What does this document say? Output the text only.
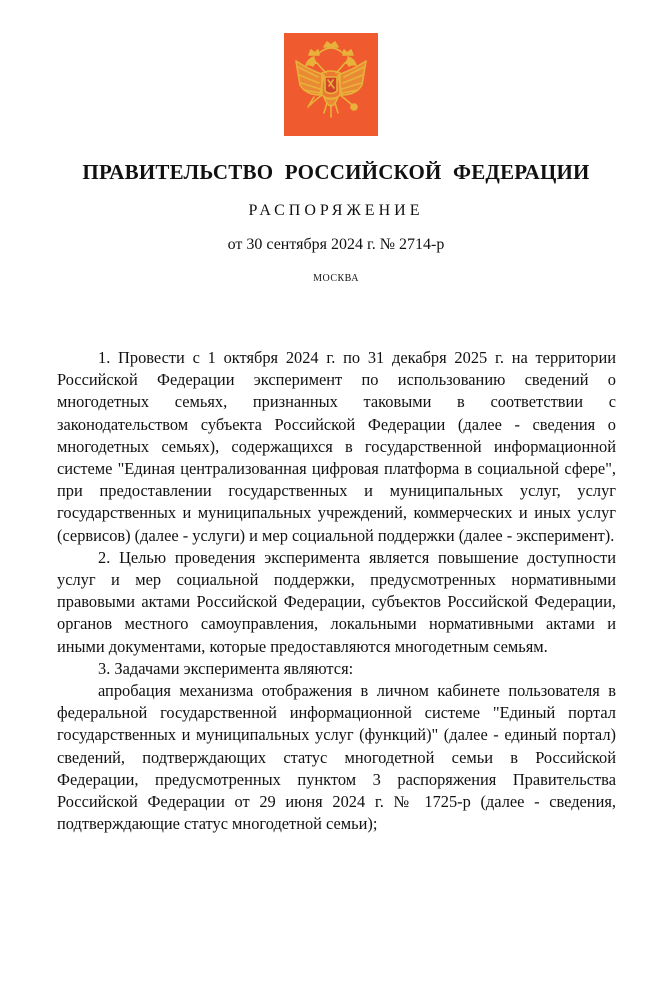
ПРАВИТЕЛЬСТВО РОССИЙСКОЙ ФЕДЕРАЦИИ
РАСПОРЯЖЕНИЕ
от 30 сентября 2024 г. № 2714-р
МОСКВА

1. Провести с 1 октября 2024 г. по 31 декабря 2025 г. на территории Российской Федерации эксперимент по использованию сведений о многодетных семьях, признанных таковыми в соответствии с законодательством субъекта Российской Федерации (далее - сведения о многодетных семьях), содержащихся в государственной информационной системе "Единая централизованная цифровая платформа в социальной сфере", при предоставлении государственных и муниципальных услуг, услуг государственных и муниципальных учреждений, коммерческих и иных услуг (сервисов) (далее - услуги) и мер социальной поддержки (далее - эксперимент).

2. Целью проведения эксперимента является повышение доступности услуг и мер социальной поддержки, предусмотренных нормативными правовыми актами Российской Федерации, субъектов Российской Федерации, органов местного самоуправления, локальными нормативными актами и иными документами, которые предоставляются многодетным семьям.

3. Задачами эксперимента являются:

апробация механизма отображения в личном кабинете пользователя в федеральной государственной информационной системе "Единый портал государственных и муниципальных услуг (функций)" (далее - единый портал) сведений, подтверждающих статус многодетной семьи в Российской Федерации, предусмотренных пунктом 3 распоряжения Правительства Российской Федерации от 29 июня 2024 г. № 1725-р (далее - сведения, подтверждающие статус многодетной семьи);
